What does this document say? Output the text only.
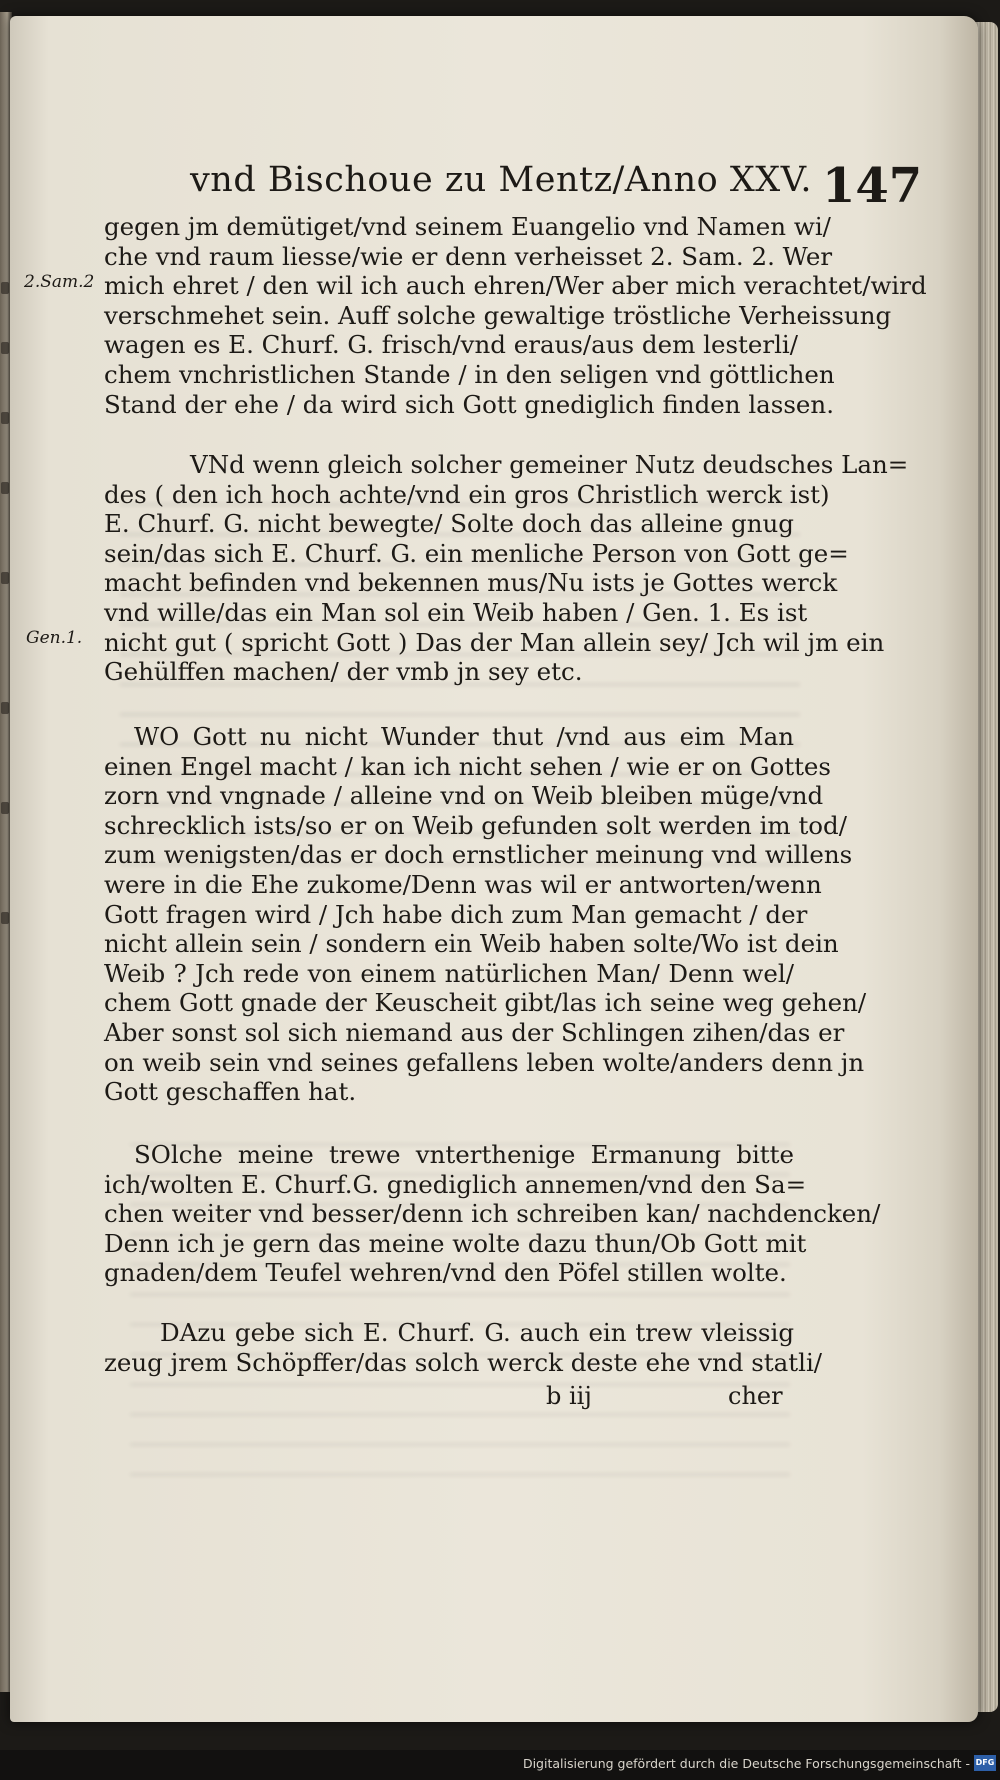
vnd Bischoue zu Mentz/Anno XXV. 147
2.Sam.2
Gen.1.
gegen jm demütiget/vnd seinem Euangelio vnd Namen wi/
che vnd raum liesse/wie er denn verheisset 2. Sam. 2. Wer
mich ehret / den wil ich auch ehren/Wer aber mich verachtet/wird
verschmehet sein. Auff solche gewaltige tröstliche Verheissung
wagen es E. Churf. G. frisch/vnd eraus/aus dem lesterli/
chem vnchristlichen Stande / in den seligen vnd göttlichen
Stand der ehe / da wird sich Gott gnediglich finden lassen.
VNd wenn gleich solcher gemeiner Nutz deudsches Lan=
des ( den ich hoch achte/vnd ein gros Christlich werck ist)
E. Churf. G. nicht bewegte/ Solte doch das alleine gnug
sein/das sich E. Churf. G. ein menliche Person von Gott ge=
macht befinden vnd bekennen mus/Nu ists je Gottes werck
vnd wille/das ein Man sol ein Weib haben / Gen. 1. Es ist
nicht gut ( spricht Gott ) Das der Man allein sey/ Jch wil jm ein
Gehülffen machen/ der vmb jn sey etc.
WO Gott nu nicht Wunder thut /vnd aus eim Man
einen Engel macht / kan ich nicht sehen / wie er on Gottes
zorn vnd vngnade / alleine vnd on Weib bleiben müge/vnd
schrecklich ists/so er on Weib gefunden solt werden im tod/
zum wenigsten/das er doch ernstlicher meinung vnd willens
were in die Ehe zukome/Denn was wil er antworten/wenn
Gott fragen wird / Jch habe dich zum Man gemacht / der
nicht allein sein / sondern ein Weib haben solte/Wo ist dein
Weib ? Jch rede von einem natürlichen Man/ Denn wel/
chem Gott gnade der Keuscheit gibt/las ich seine weg gehen/
Aber sonst sol sich niemand aus der Schlingen zihen/das er
on weib sein vnd seines gefallens leben wolte/anders denn jn
Gott geschaffen hat.
SOlche meine trewe vnterthenige Ermanung bitte
ich/wolten E. Churf.G. gnediglich annemen/vnd den Sa=
chen weiter vnd besser/denn ich schreiben kan/ nachdencken/
Denn ich je gern das meine wolte dazu thun/Ob Gott mit
gnaden/dem Teufel wehren/vnd den Pöfel stillen wolte.
DAzu gebe sich E. Churf. G. auch ein trew vleissig
zeug jrem Schöpffer/das solch werck deste ehe vnd statli/
b iij	cher
Digitalisierung gefördert durch die Deutsche Forschungsgemeinschaft - DFG
